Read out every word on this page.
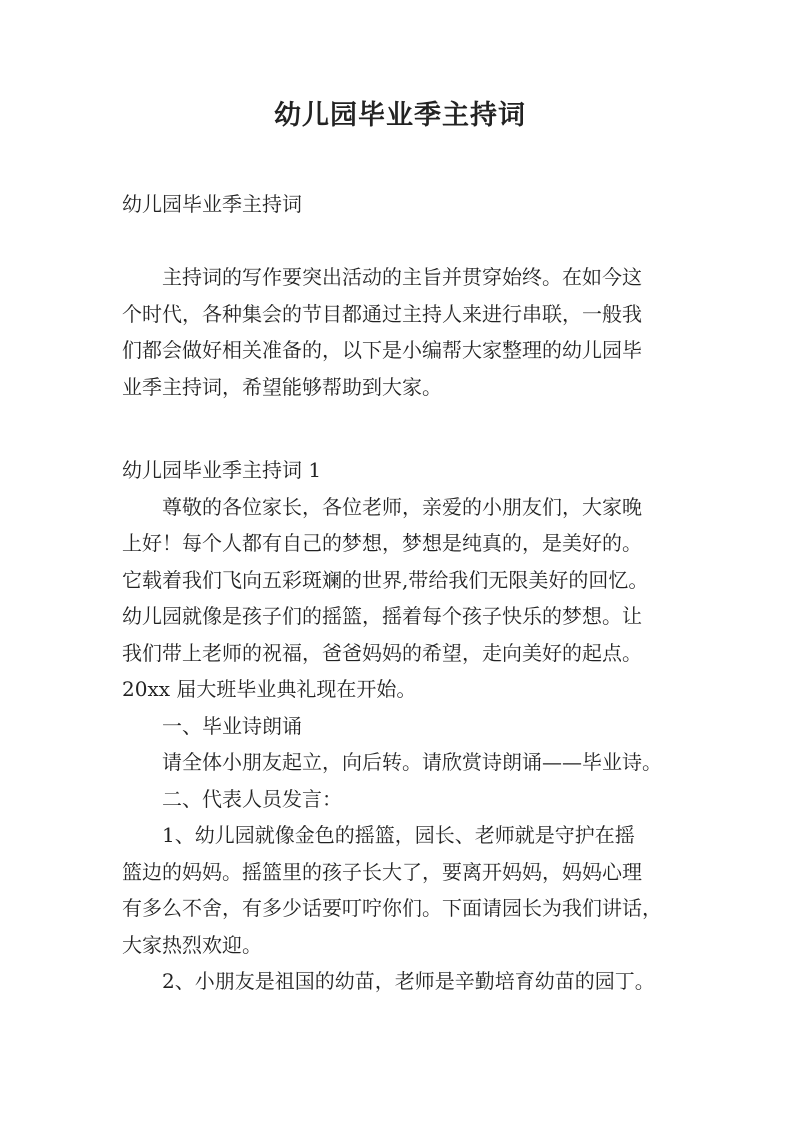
幼儿园毕业季主持词

幼儿园毕业季主持词

　　主持词的写作要突出活动的主旨并贯穿始终。在如今这

个时代，各种集会的节目都通过主持人来进行串联，一般我

们都会做好相关准备的，以下是小编帮大家整理的幼儿园毕

业季主持词，希望能够帮助到大家。

幼儿园毕业季主持词 1

　　尊敬的各位家长，各位老师，亲爱的小朋友们，大家晚

上好！每个人都有自己的梦想，梦想是纯真的，是美好的。

它载着我们飞向五彩斑斓的世界,带给我们无限美好的回忆。

幼儿园就像是孩子们的摇篮，摇着每个孩子快乐的梦想。让

我们带上老师的祝福，爸爸妈妈的希望，走向美好的起点。

20xx 届大班毕业典礼现在开始。

　　一、毕业诗朗诵

　　请全体小朋友起立，向后转。请欣赏诗朗诵——毕业诗。

　　二、代表人员发言：

　　1、幼儿园就像金色的摇篮，园长、老师就是守护在摇

篮边的妈妈。摇篮里的孩子长大了，要离开妈妈，妈妈心理

有多么不舍，有多少话要叮咛你们。下面请园长为我们讲话，

大家热烈欢迎。

　　2、小朋友是祖国的幼苗，老师是辛勤培育幼苗的园丁。
